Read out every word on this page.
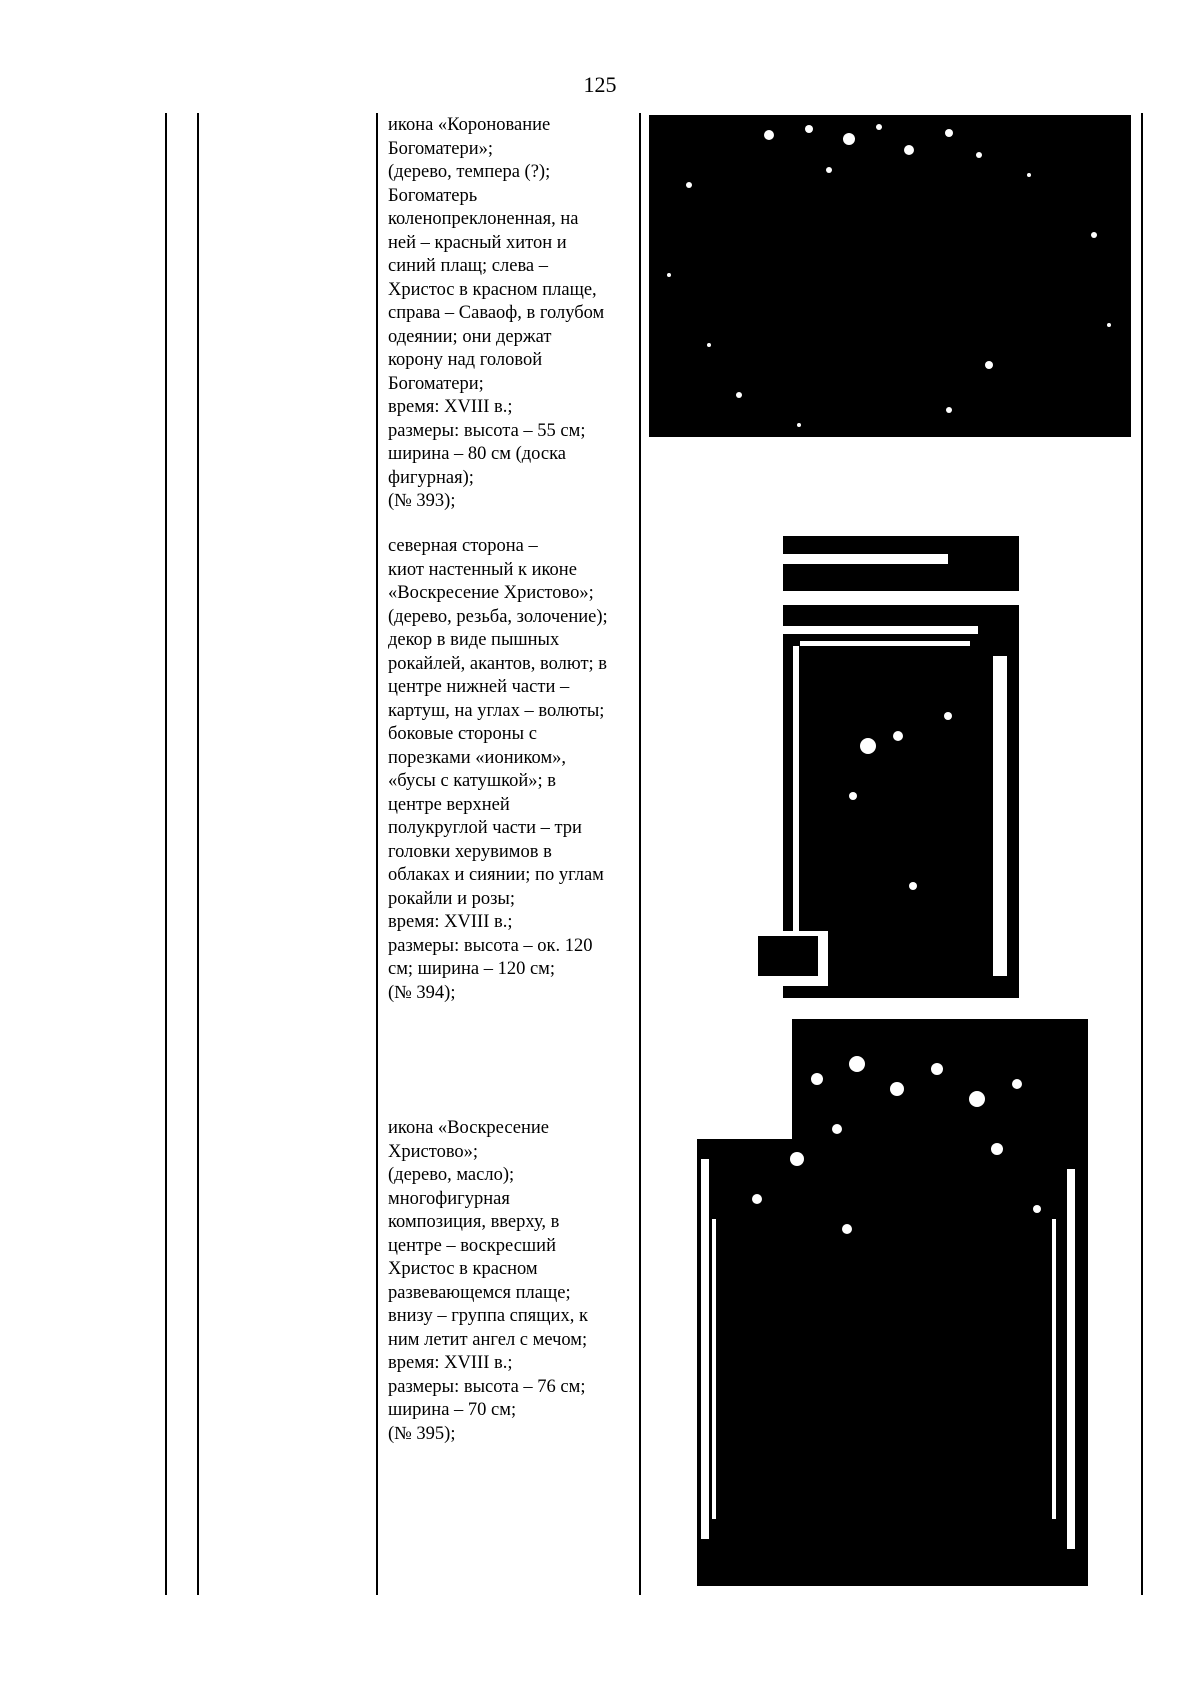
125
икона «Коронование
Богоматери»;
(дерево, темпера (?);
Богоматерь
коленопреклоненная, на
ней – красный хитон и
синий плащ; слева –
Христос в красном плаще,
справа – Саваоф, в голубом
одеянии; они держат
корону над головой
Богоматери;
время: XVIII в.;
размеры: высота – 55 см;
ширина – 80 см (доска
фигурная);
(№ 393);
северная сторона –
киот настенный к иконе
«Воскресение Христово»;
(дерево, резьба, золочение);
декор в виде пышных
рокайлей, акантов, волют; в
центре нижней части –
картуш, на углах – волюты;
боковые стороны с
порезками «иоником»,
«бусы с катушкой»; в
центре верхней
полукруглой части – три
головки херувимов в
облаках и сиянии; по углам
рокайли и розы;
время: XVIII в.;
размеры: высота – ок. 120
см; ширина – 120 см;
(№ 394);
икона «Воскресение
Христово»;
(дерево, масло);
многофигурная
композиция, вверху, в
центре – воскресший
Христос в красном
развевающемся плаще;
внизу – группа спящих, к
ним летит ангел с мечом;
время: XVIII в.;
размеры: высота – 76 см;
ширина – 70 см;
(№ 395);
